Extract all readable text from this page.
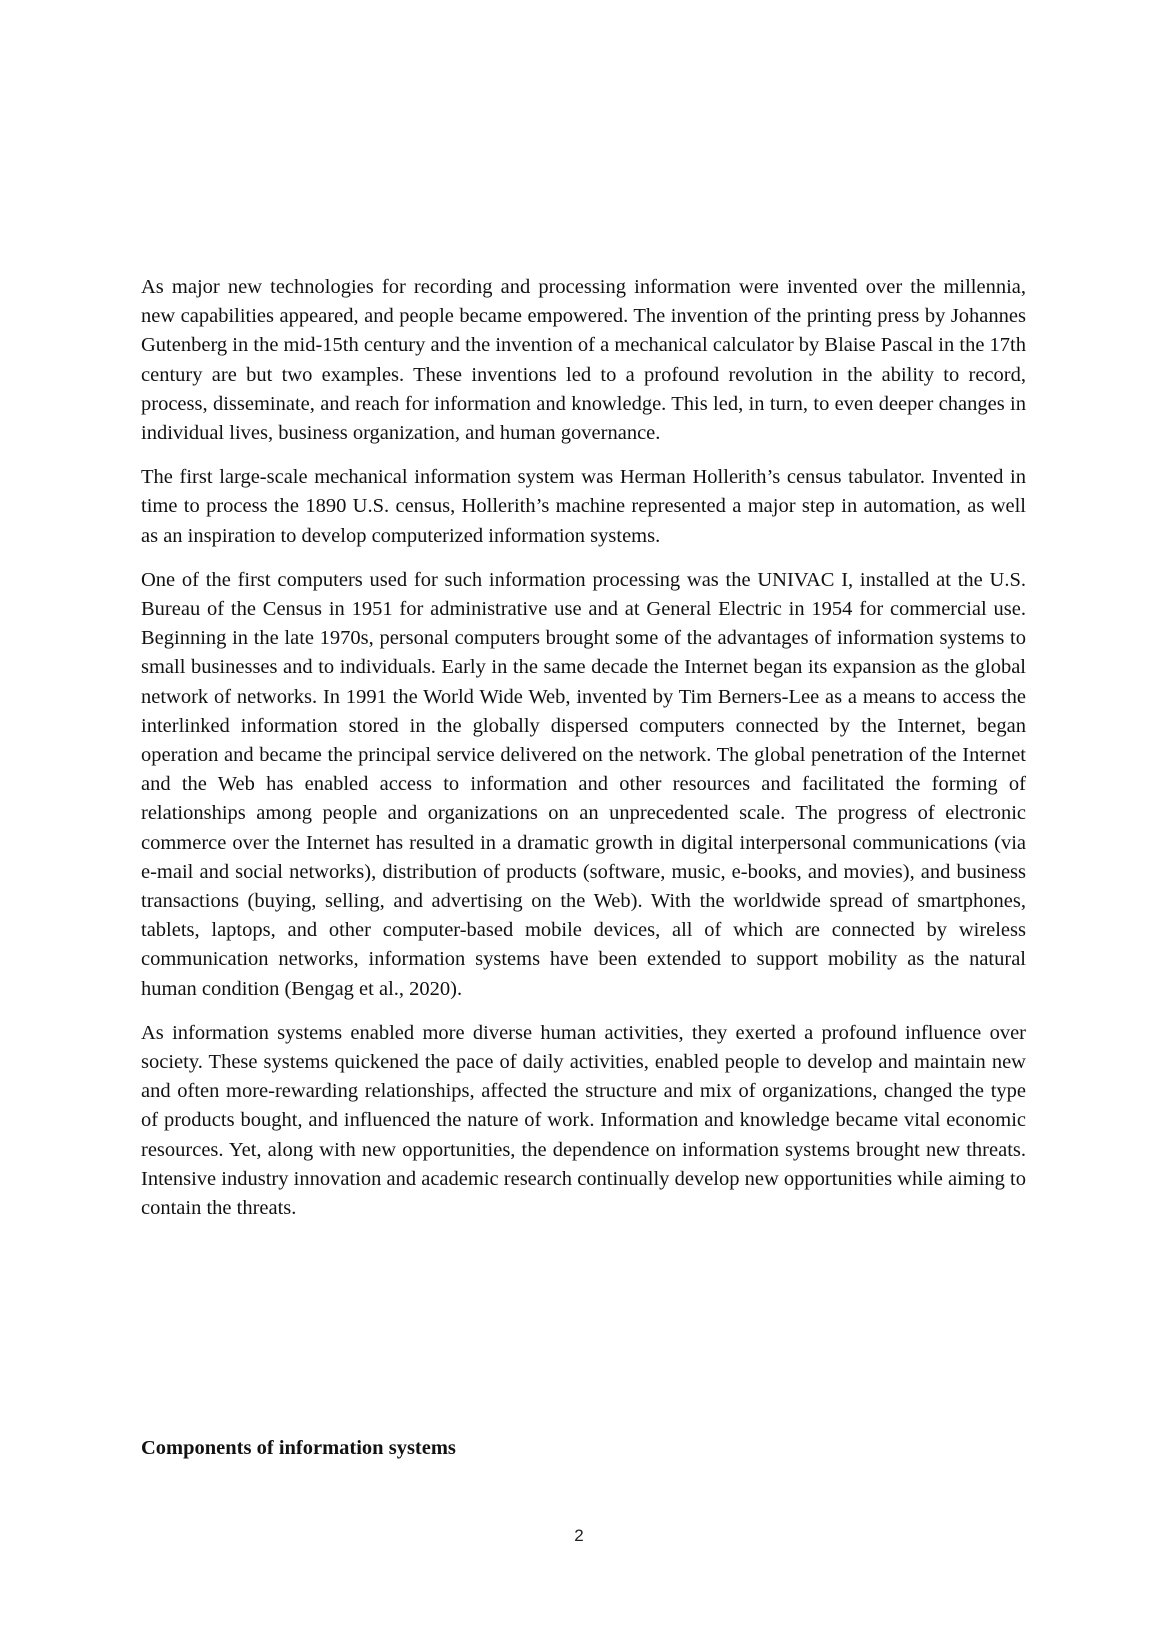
As major new technologies for recording and processing information were invented over the millennia, new capabilities appeared, and people became empowered. The invention of the printing press by Johannes Gutenberg in the mid-15th century and the invention of a mechanical calculator by Blaise Pascal in the 17th century are but two examples. These inventions led to a profound revolution in the ability to record, process, disseminate, and reach for information and knowledge. This led, in turn, to even deeper changes in individual lives, business organization, and human governance.

The first large-scale mechanical information system was Herman Hollerith’s census tabulator. Invented in time to process the 1890 U.S. census, Hollerith’s machine represented a major step in automation, as well as an inspiration to develop computerized information systems.

One of the first computers used for such information processing was the UNIVAC I, installed at the U.S. Bureau of the Census in 1951 for administrative use and at General Electric in 1954 for commercial use. Beginning in the late 1970s, personal computers brought some of the advantages of information systems to small businesses and to individuals. Early in the same decade the Internet began its expansion as the global network of networks. In 1991 the World Wide Web, invented by Tim Berners-Lee as a means to access the interlinked information stored in the globally dispersed computers connected by the Internet, began operation and became the principal service delivered on the network. The global penetration of the Internet and the Web has enabled access to information and other resources and facilitated the forming of relationships among people and organizations on an unprecedented scale. The progress of electronic commerce over the Internet has resulted in a dramatic growth in digital interpersonal communications (via e-mail and social networks), distribution of products (software, music, e-books, and movies), and business transactions (buying, selling, and advertising on the Web). With the worldwide spread of smartphones, tablets, laptops, and other computer-based mobile devices, all of which are connected by wireless communication networks, information systems have been extended to support mobility as the natural human condition (Bengag et al., 2020).

As information systems enabled more diverse human activities, they exerted a profound influence over society. These systems quickened the pace of daily activities, enabled people to develop and maintain new and often more-rewarding relationships, affected the structure and mix of organizations, changed the type of products bought, and influenced the nature of work. Information and knowledge became vital economic resources. Yet, along with new opportunities, the dependence on information systems brought new threats. Intensive industry innovation and academic research continually develop new opportunities while aiming to contain the threats.

Components of information systems
2
